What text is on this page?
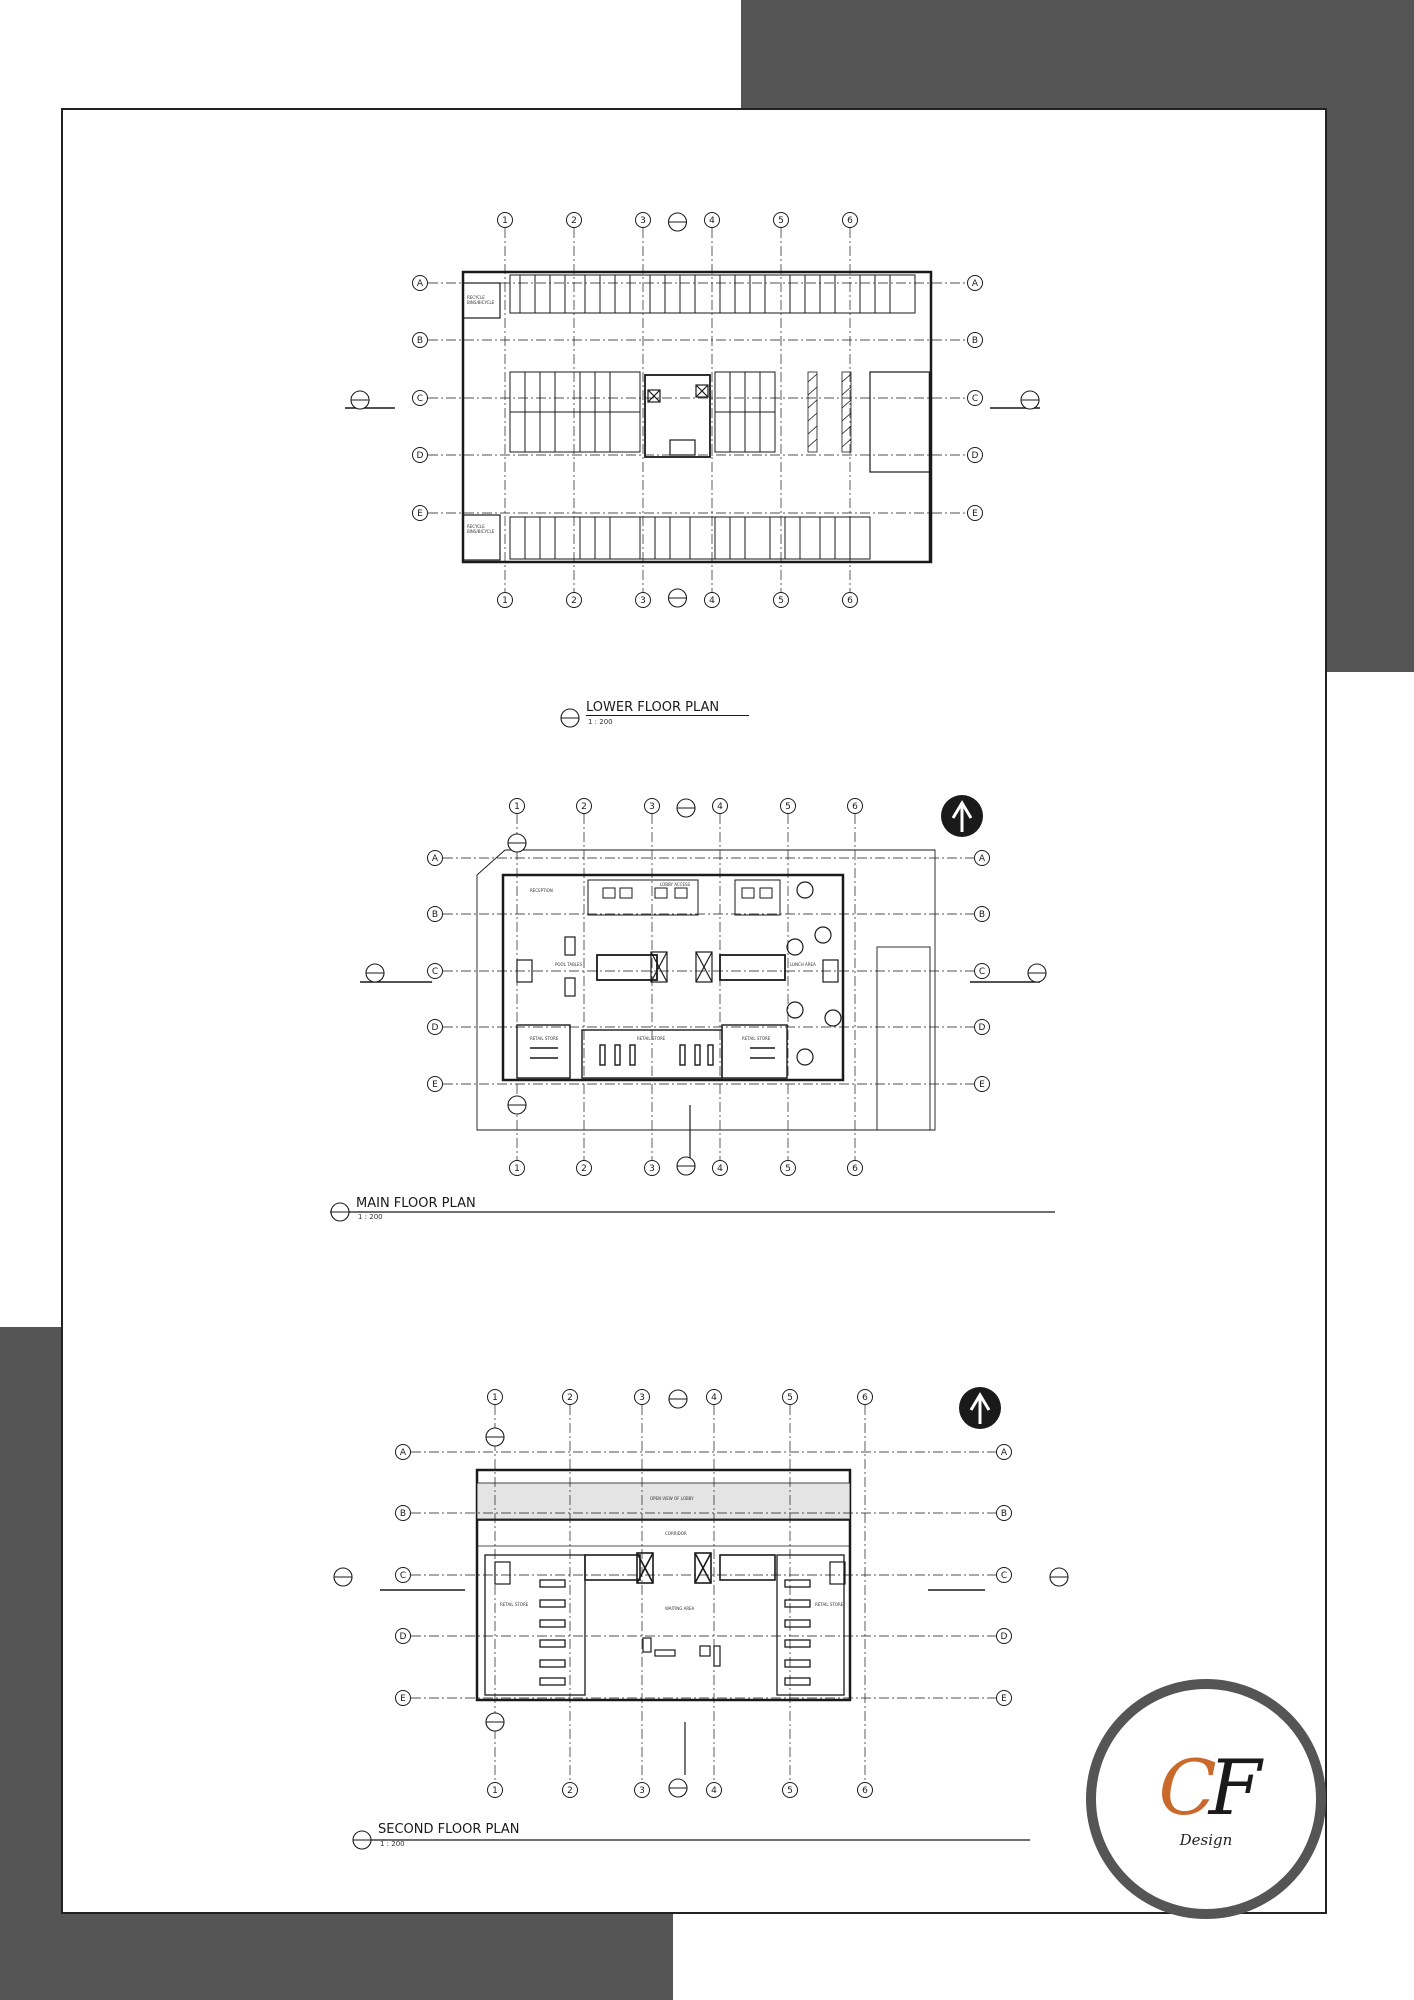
1
1
2
2
3
3
4
4
5
5
6
6
A	A
B	B
C	C
D	D
E	E
1
1
2
2
3
3
4
4
5
5
6
6
A	A
B	B
C	C
D	D
E	E
1
1
2
2
3
3
4
4
5
5
6
6
A	A
B	B
C	C
D	D
E	E
LOWER FLOOR PLAN
1 : 200
MAIN FLOOR PLAN
1 : 200
SECOND FLOOR PLAN
1 : 200
RECYCLE BINS/BICYCLE
RECYCLE BINS/BICYCLE
RECEPTION
LOBBY ACCESS
POOL TABLES	LUNCH AREA
RETAIL STORE	RETAIL STORE	RETAIL STORE
OPEN VIEW OF LOBBY
CORRIDOR
WAITING AREA
RETAIL STORE	RETAIL STORE
CF
Design
